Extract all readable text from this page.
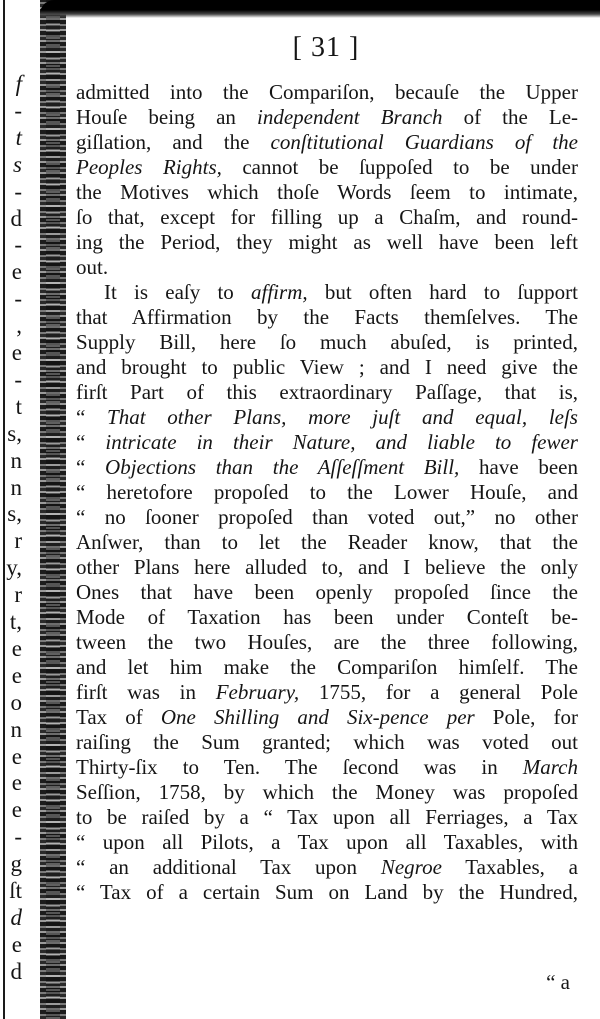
f
-
t
s
-
d
-
e
-
,
e
-
t
s,
n
n
s,
r
y,
r
t,
e
e
o
n
e
e
e
-
g
ſt
d
e
d
[ 31 ]
admitted into the Compariſon, becauſe the Upper
Houſe being an independent Branch of the Le-
giſlation, and the conſtitutional Guardians of the
Peoples Rights, cannot be ſuppoſed to be under
the Motives which thoſe Words ſeem to intimate,
ſo that, except for filling up a Chaſm, and round-
ing the Period, they might as well have been left
out.
It is eaſy to affirm, but often hard to ſupport
that Affirmation by the Facts themſelves. The
Supply Bill, here ſo much abuſed, is printed,
and brought to public View ; and I need give the
firſt Part of this extraordinary Paſſage, that is,
“ That other Plans, more juſt and equal, leſs
“ intricate in their Nature, and liable to fewer
“ Objections than the Aſſeſſment Bill, have been
“ heretofore propoſed to the Lower Houſe, and
“ no ſooner propoſed than voted out,” no other
Anſwer, than to let the Reader know, that the
other Plans here alluded to, and I believe the only
Ones that have been openly propoſed ſince the
Mode of Taxation has been under Conteſt be-
tween the two Houſes, are the three following,
and let him make the Compariſon himſelf. The
firſt was in February, 1755, for a general Pole
Tax of One Shilling and Six-pence per Pole, for
raiſing the Sum granted; which was voted out
Thirty-ſix to Ten. The ſecond was in March
Seſſion, 1758, by which the Money was propoſed
to be raiſed by a “ Tax upon all Ferriages, a Tax
“ upon all Pilots, a Tax upon all Taxables, with
“ an additional Tax upon Negroe Taxables, a
“ Tax of a certain Sum on Land by the Hundred,
“ a
